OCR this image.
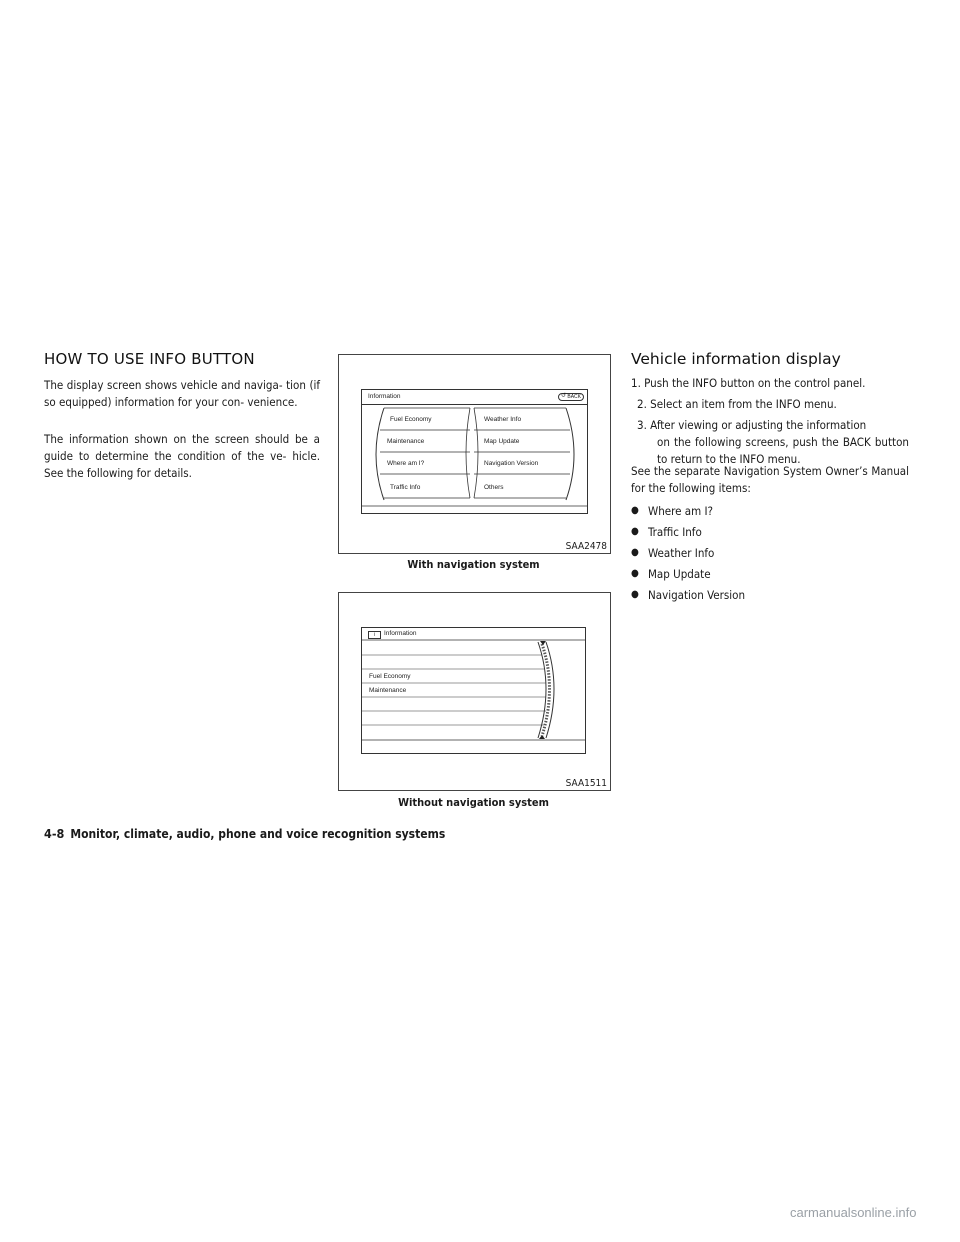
HOW TO USE INFO BUTTON
The display screen shows vehicle and naviga- tion (if so equipped) information for your con- venience.
The information shown on the screen should be a guide to determine the condition of the ve- hicle. See the following for details.
Information	↺ BACK
Fuel Economy
Maintenance
Where am I?
Traffic Info
Weather Info
Map Update
Navigation Version
Others
SAA2478
With navigation system
i	Information
Fuel Economy
Maintenance
SAA1511
Without navigation system
Vehicle information display
1. Push the INFO button on the control panel.
2. Select an item from the INFO menu.
3. After viewing or adjusting the information
on the following screens, push the BACK button to return to the INFO menu.
See the separate Navigation System Owner’s Manual for the following items:
● Where am I?
● Traffic Info
● Weather Info
● Map Update
● Navigation Version
4-8 Monitor, climate, audio, phone and voice recognition systems
carmanualsonline.info
